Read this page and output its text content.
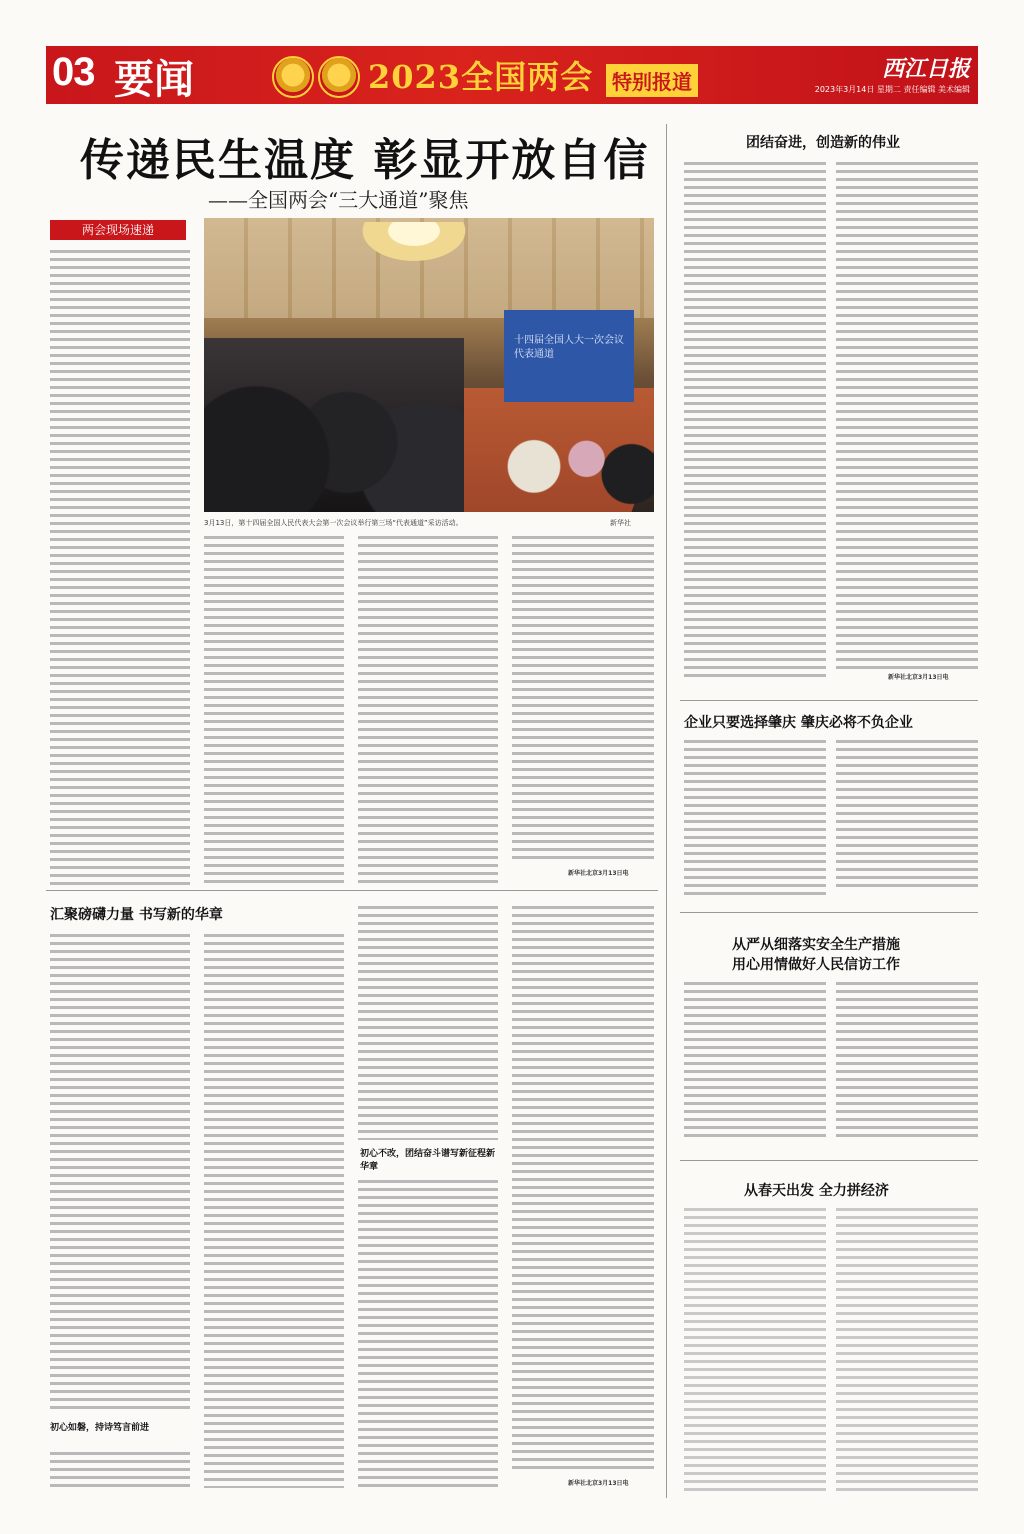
03 要闻	2023全国两会 特别报道	西江日报
2023年3月14日 星期二 责任编辑 美术编辑
传递民生温度 彰显开放自信
——全国两会“三大通道”聚焦
两会现场速递
十四届全国人大一次会议 代表通道
3月13日，第十四届全国人民代表大会第一次会议举行第三场“代表通道”采访活动。	新华社
新华社北京3月13日电
团结奋进，创造新的伟业
新华社北京3月13日电
企业只要选择肇庆 肇庆必将不负企业
从严从细落实安全生产措施
用心用情做好人民信访工作
从春天出发 全力拼经济
汇聚磅礴力量 书写新的华章
初心如磐，持诗笃言前进
初心不改，团结奋斗谱写新征程新华章
新华社北京3月13日电
